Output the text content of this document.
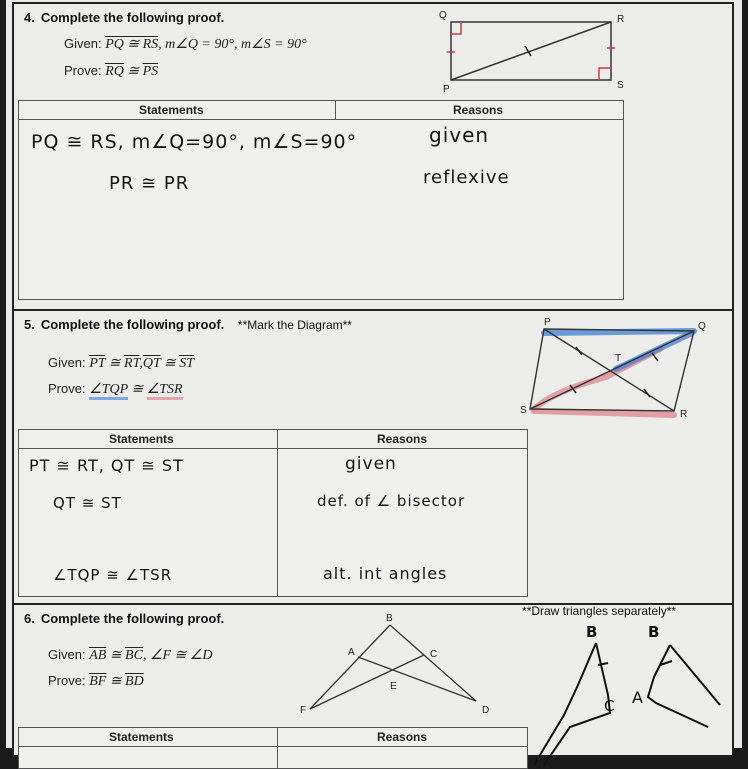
4. Complete the following proof.
Given: PQ ≅ RS, m∠Q = 90°, m∠S = 90°
Prove: $\overline{RQ}$ ≅ $\overline{PS}$
Q	R
P	S
Statements	Reasons
PQ ≅ RS, m∠Q=90°, m∠S=90°	given
PR ≅ PR	reflexive
5. Complete the following proof. **Mark the Diagram**
Given: $\overline{PT}$ ≅ $\overline{RT},\overline{QT}$ ≅ $\overline{ST}$
Prove: ∠TQP ≅ ∠TSR
P	Q
T
S	R
Statements	Reasons
PT ≅ RT, QT ≅ ST	given
QT ≅ ST	def. of ∠ bisector
∠TQP ≅ ∠TSR	alt. int angles
6. Complete the following proof.	**Draw triangles separately**
Given: $\overline{AB}$ ≅ $\overline{BC}$, ∠F ≅ ∠D
Prove: $\overline{BF}$ ≅ $\overline{BD}$
B
A	C
E
F	D
B	B
C A
Statements	Reasons
